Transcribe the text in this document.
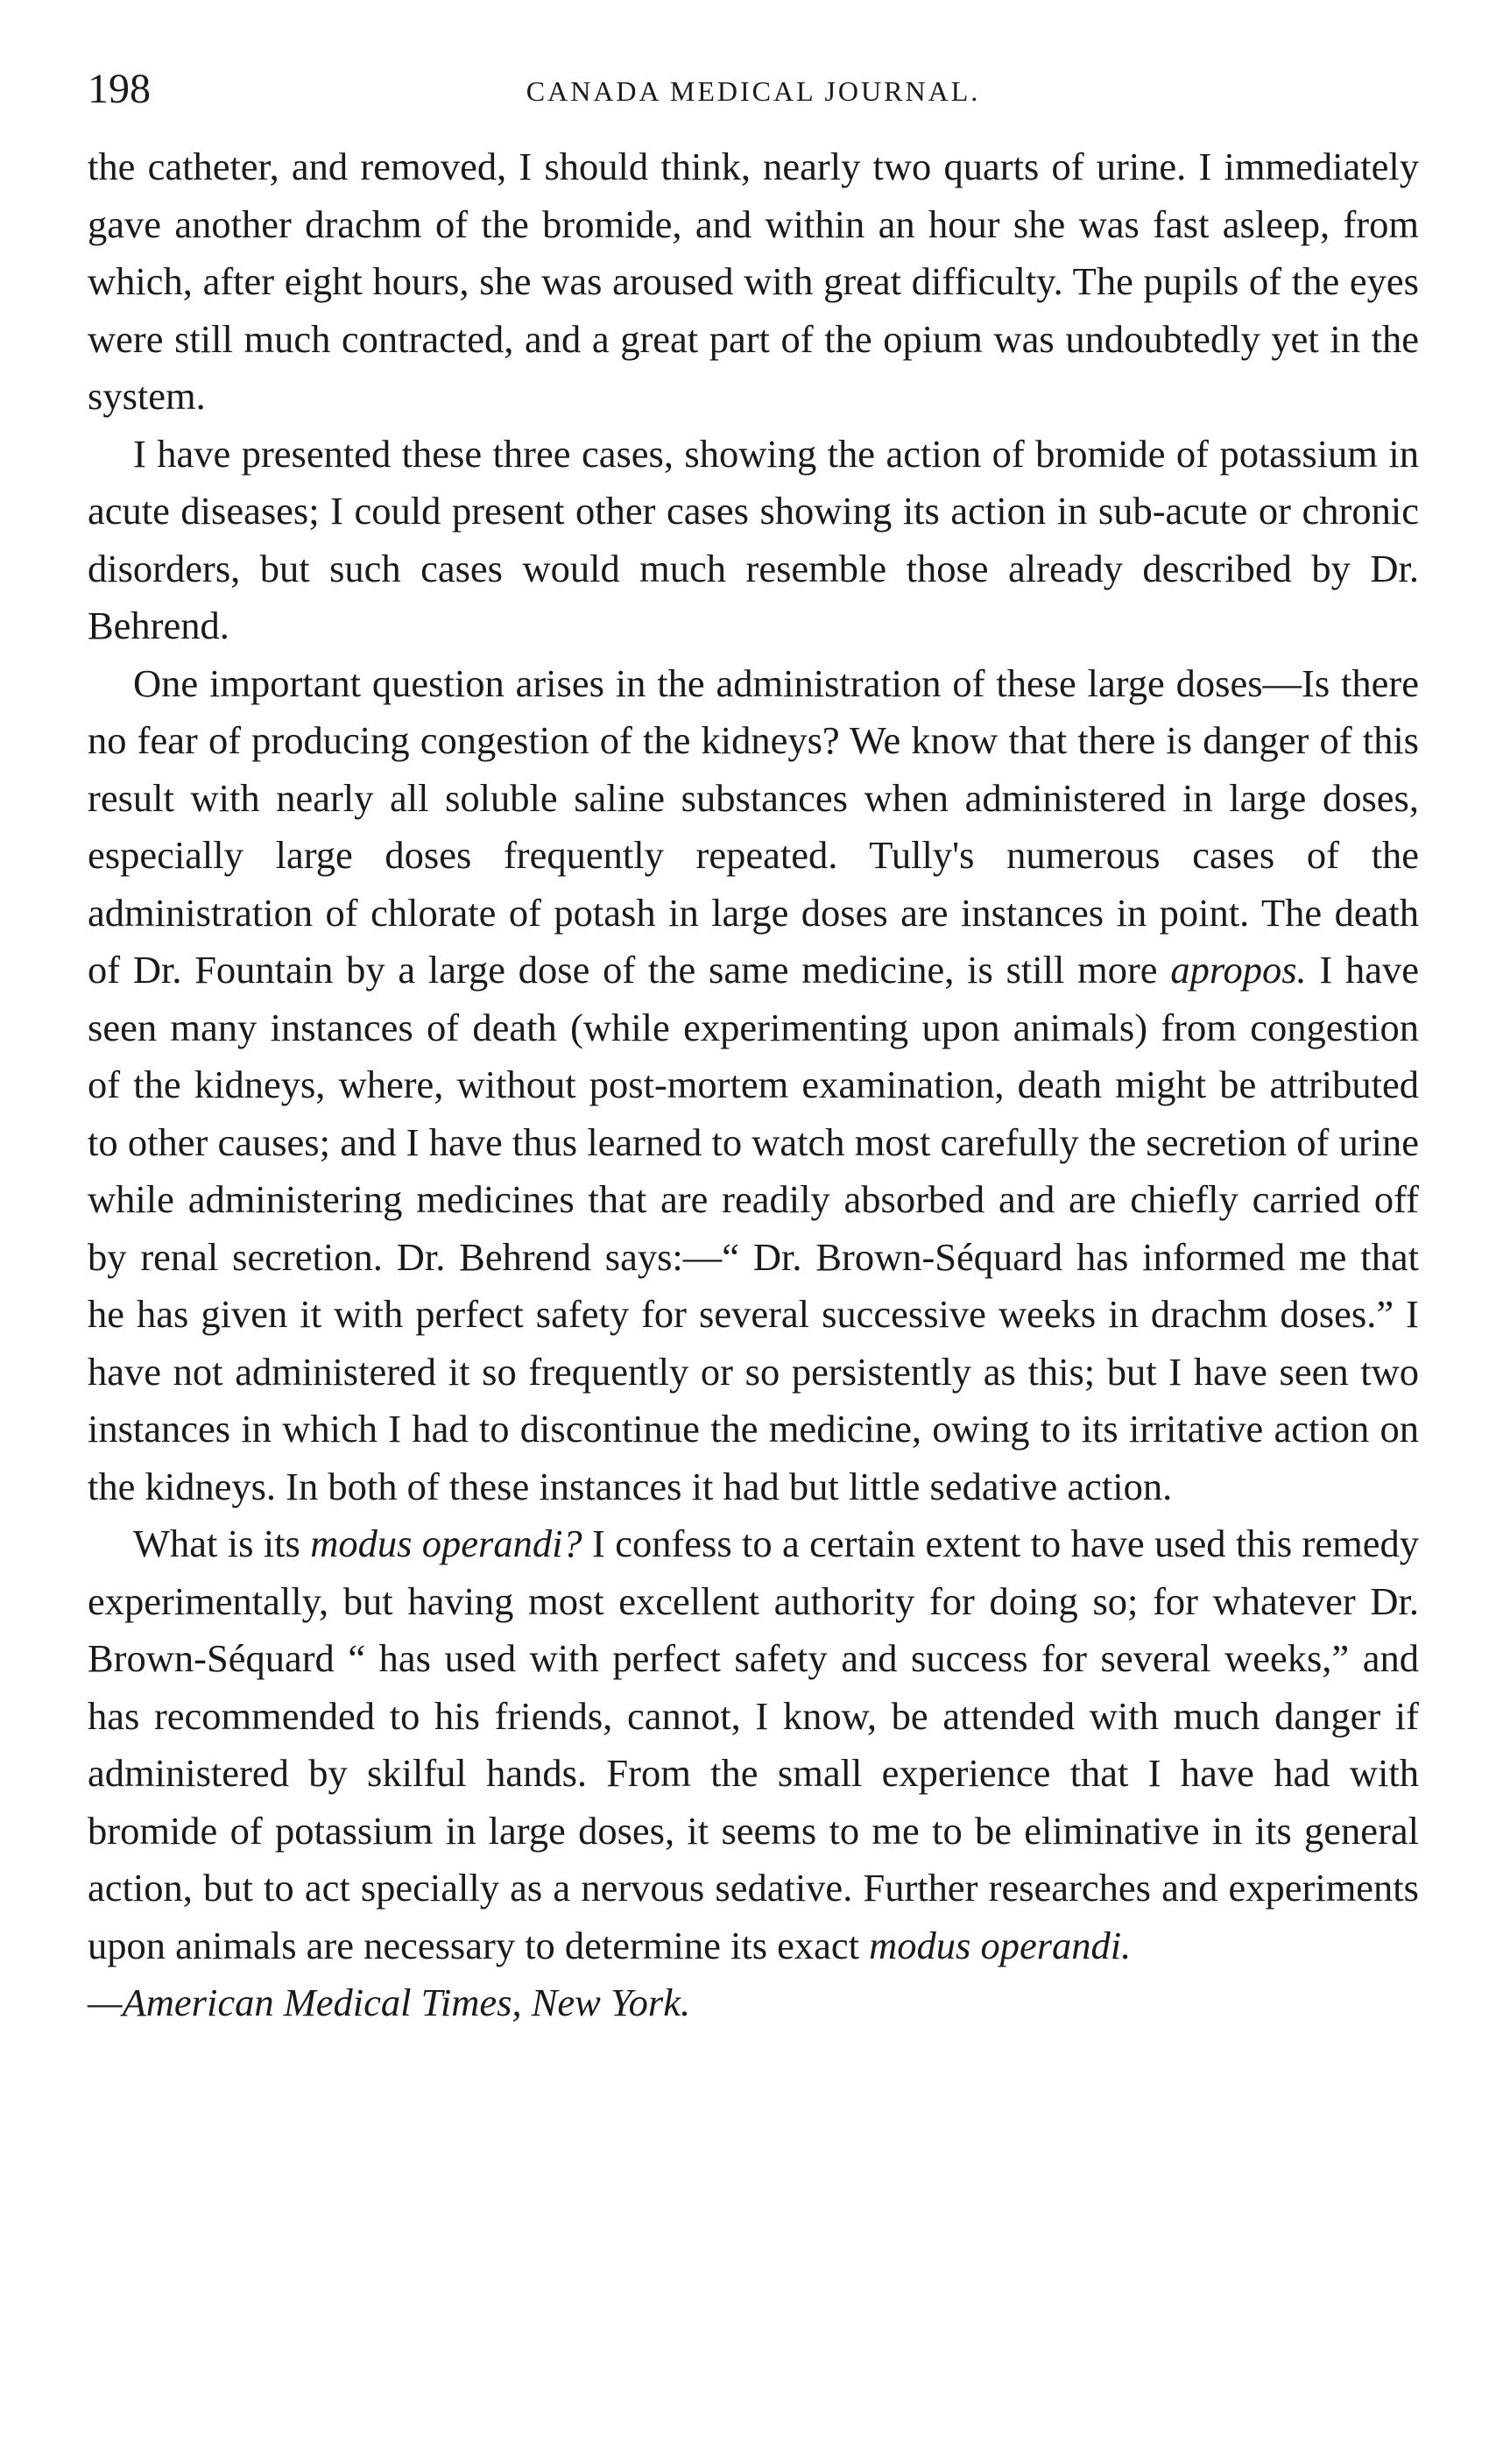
198	CANADA MEDICAL JOURNAL.

the catheter, and removed, I should think, nearly two quarts of urine. I immediately gave another drachm of the bromide, and within an hour she was fast asleep, from which, after eight hours, she was aroused with great difficulty. The pupils of the eyes were still much contracted, and a great part of the opium was undoubtedly yet in the system.

I have presented these three cases, showing the action of bromide of potassium in acute diseases; I could present other cases showing its action in sub-acute or chronic disorders, but such cases would much resemble those already described by Dr. Behrend.

One important question arises in the administration of these large doses—Is there no fear of producing congestion of the kidneys? We know that there is danger of this result with nearly all soluble saline substances when administered in large doses, especially large doses frequently repeated. Tully's numerous cases of the administration of chlorate of potash in large doses are instances in point. The death of Dr. Fountain by a large dose of the same medicine, is still more apropos. I have seen many instances of death (while experimenting upon animals) from congestion of the kidneys, where, without post-mortem examination, death might be attributed to other causes; and I have thus learned to watch most carefully the secretion of urine while administering medicines that are readily absorbed and are chiefly carried off by renal secretion. Dr. Behrend says:—“ Dr. Brown-Séquard has informed me that he has given it with perfect safety for several successive weeks in drachm doses.” I have not administered it so frequently or so persistently as this; but I have seen two instances in which I had to discontinue the medicine, owing to its irritative action on the kidneys. In both of these instances it had but little sedative action.

What is its modus operandi? I confess to a certain extent to have used this remedy experimentally, but having most excellent authority for doing so; for whatever Dr. Brown-Séquard “ has used with perfect safety and success for several weeks,” and has recommended to his friends, cannot, I know, be attended with much danger if administered by skilful hands. From the small experience that I have had with bromide of potassium in large doses, it seems to me to be eliminative in its general action, but to act specially as a nervous sedative. Further researches and experiments upon animals are necessary to determine its exact modus operandi.

—American Medical Times, New York.
